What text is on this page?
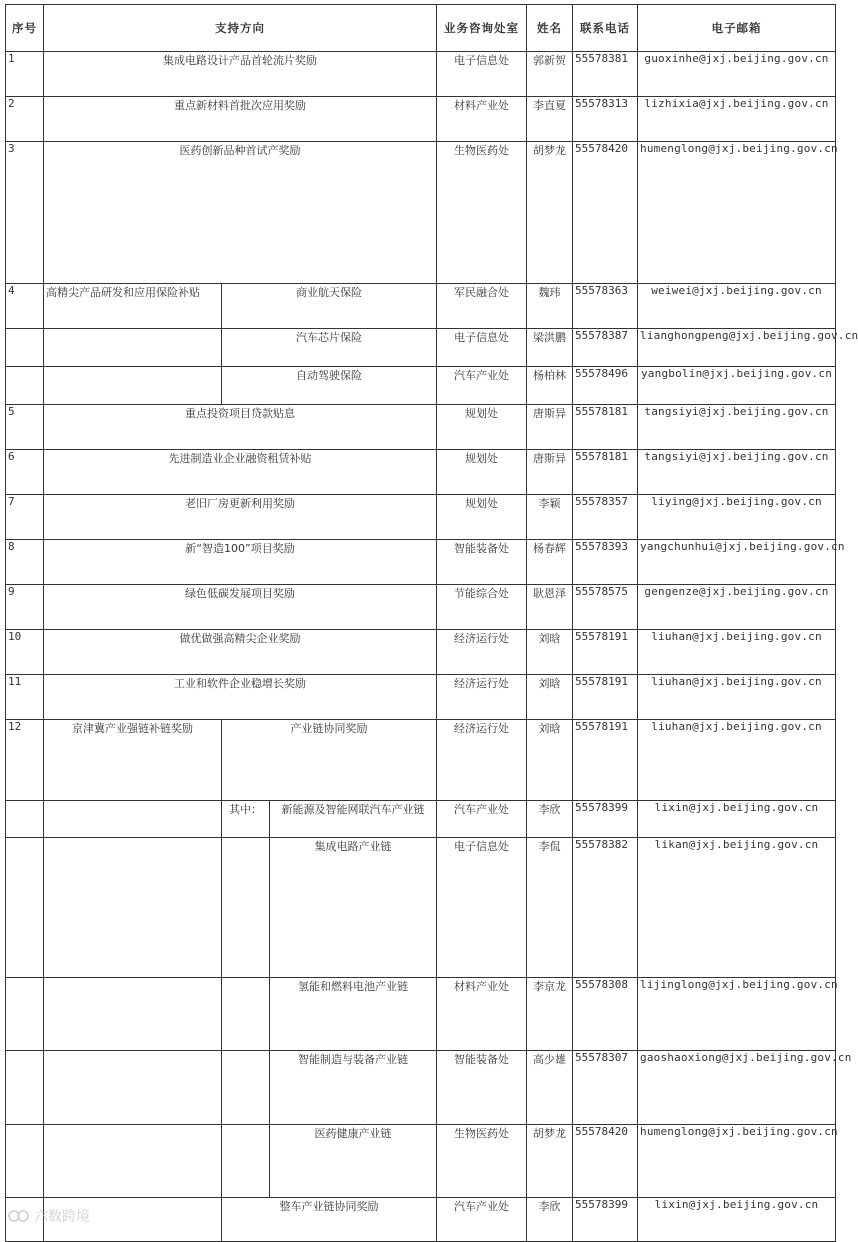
序号	支持方向			业务咨询处室	姓名	联系电话	电子邮箱
1	集成电路设计产品首轮流片奖励			电子信息处	郭新贺	55578381	guoxinhe@jxj.beijing.gov.cn
2	重点新材料首批次应用奖励			材料产业处	李直夏	55578313	lizhixia@jxj.beijing.gov.cn
3	医药创新品种首试产奖励			生物医药处	胡梦龙	55578420	humenglong@jxj.beijing.gov.cn
4	高精尖产品研发和应用保险补贴	商业航天保险		军民融合处	魏玮	55578363	weiwei@jxj.beijing.gov.cn
		汽车芯片保险		电子信息处	梁洪鹏	55578387	lianghongpeng@jxj.beijing.gov.cn
		自动驾驶保险		汽车产业处	杨柏林	55578496	yangbolin@jxj.beijing.gov.cn
5	重点投资项目贷款贴息			规划处	唐斯异	55578181	tangsiyi@jxj.beijing.gov.cn
6	先进制造业企业融资租赁补贴			规划处	唐斯异	55578181	tangsiyi@jxj.beijing.gov.cn
7	老旧厂房更新利用奖励			规划处	李颖	55578357	liying@jxj.beijing.gov.cn
8	新“智造100”项目奖励			智能装备处	杨春辉	55578393	yangchunhui@jxj.beijing.gov.cn
9	绿色低碳发展项目奖励			节能综合处	耿恩泽	55578575	gengenze@jxj.beijing.gov.cn
10	做优做强高精尖企业奖励			经济运行处	刘晗	55578191	liuhan@jxj.beijing.gov.cn
11	工业和软件企业稳增长奖励			经济运行处	刘晗	55578191	liuhan@jxj.beijing.gov.cn
12	京津冀产业强链补链奖励	产业链协同奖励		经济运行处	刘晗	55578191	liuhan@jxj.beijing.gov.cn
		其中：	新能源及智能网联汽车产业链	汽车产业处	李欣	55578399	lixin@jxj.beijing.gov.cn
			集成电路产业链	电子信息处	李侃	55578382	likan@jxj.beijing.gov.cn
			氢能和燃料电池产业链	材料产业处	李京龙	55578308	lijinglong@jxj.beijing.gov.cn
			智能制造与装备产业链	智能装备处	高少雄	55578307	gaoshaoxiong@jxj.beijing.gov.cn
			医药健康产业链	生物医药处	胡梦龙	55578420	humenglong@jxj.beijing.gov.cn
		整车产业链协同奖励		汽车产业处	李欣	55578399	lixin@jxj.beijing.gov.cn
六数跨境
